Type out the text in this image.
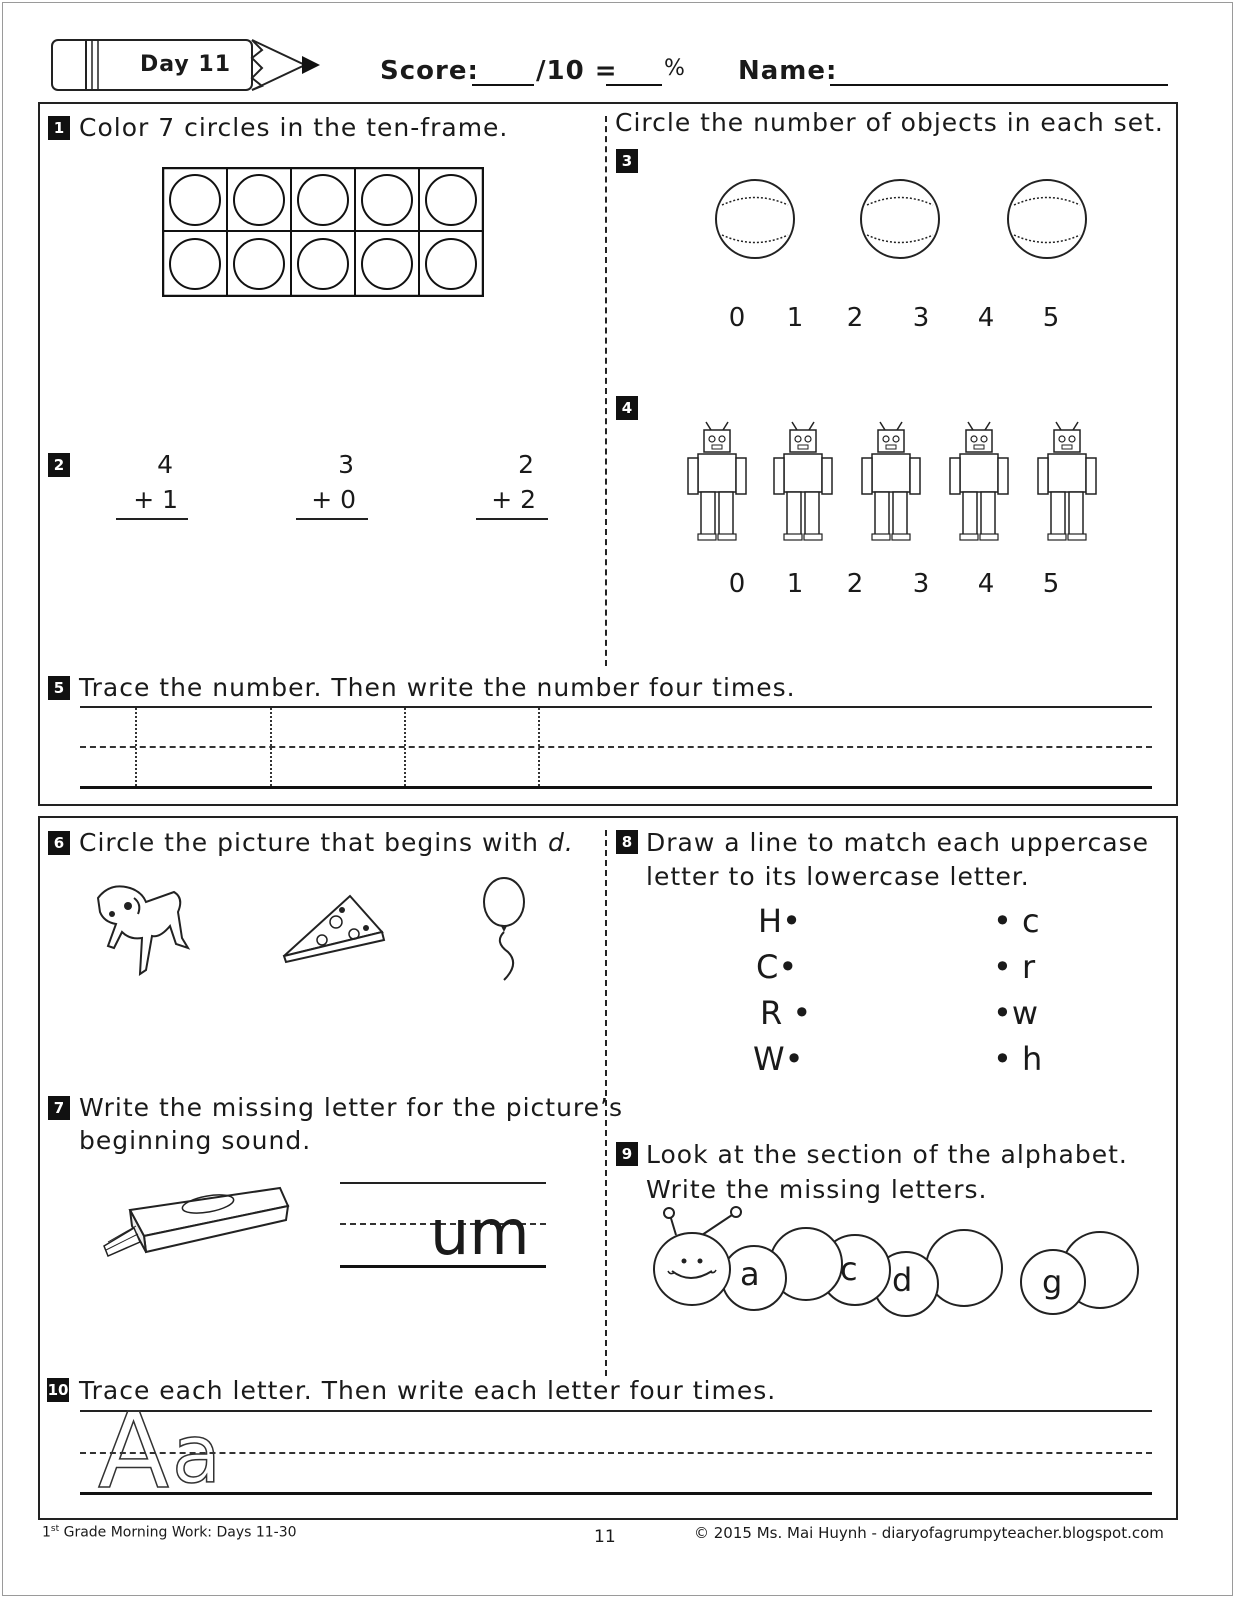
Day 11	Score: /10 = % Name:
1 Color 7 circles in the ten-frame.
2	4
+ 1
3
+ 0
2
+ 2
Circle the number of objects in each set.
3
0 1 2 3 4 5
4
0 1 2 3 4 5
5 Trace the number. Then write the number four times.
6 Circle the picture that begins with d.
7 Write the missing letter for the picture’s
beginning sound.
um
8 Draw a line to match each uppercase
letter to its lowercase letter.
H•
C•
R •
W•
• c
• r
•w
• h
9 Look at the section of the alphabet.
Write the missing letters.
a	c d	g
10 Trace each letter. Then write each letter four times.
A a
1st Grade Morning Work: Days 11-30	11	© 2015 Ms. Mai Huynh - diaryofagrumpyteacher.blogspot.com
